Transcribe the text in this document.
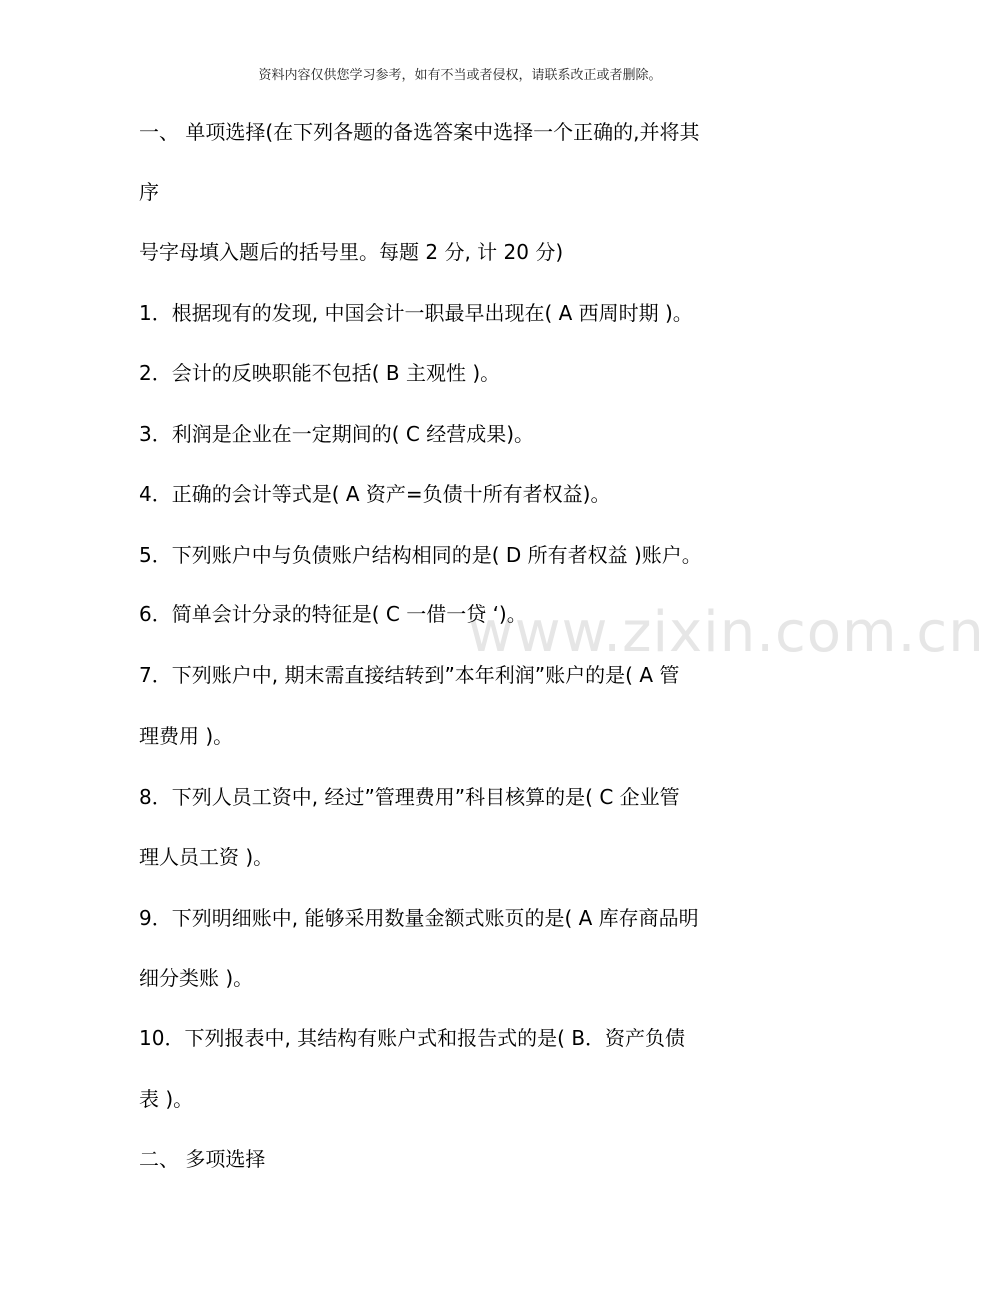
资料内容仅供您学习参考，如有不当或者侵权，请联系改正或者删除。
www.zixin.com.cn
一、 单项选择(在下列各题的备选答案中选择一个正确的,并将其
序
号字母填入题后的括号里。每题 2 分, 计 20 分)
1．根据现有的发现, 中国会计一职最早出现在( A 西周时期 )。
2．会计的反映职能不包括( B 主观性 )。
3．利润是企业在一定期间的( C 经营成果)。
4．正确的会计等式是( A 资产=负债十所有者权益)。
5．下列账户中与负债账户结构相同的是( D 所有者权益 )账户。
6．简单会计分录的特征是( C 一借一贷 ‘)。
7．下列账户中, 期末需直接结转到”本年利润”账户的是( A 管
理费用 )。
8．下列人员工资中, 经过”管理费用”科目核算的是( C 企业管
理人员工资 )。
9．下列明细账中, 能够采用数量金额式账页的是( A 库存商品明
细分类账 )。
10．下列报表中, 其结构有账户式和报告式的是( B．资产负债
表 )。
二、 多项选择
